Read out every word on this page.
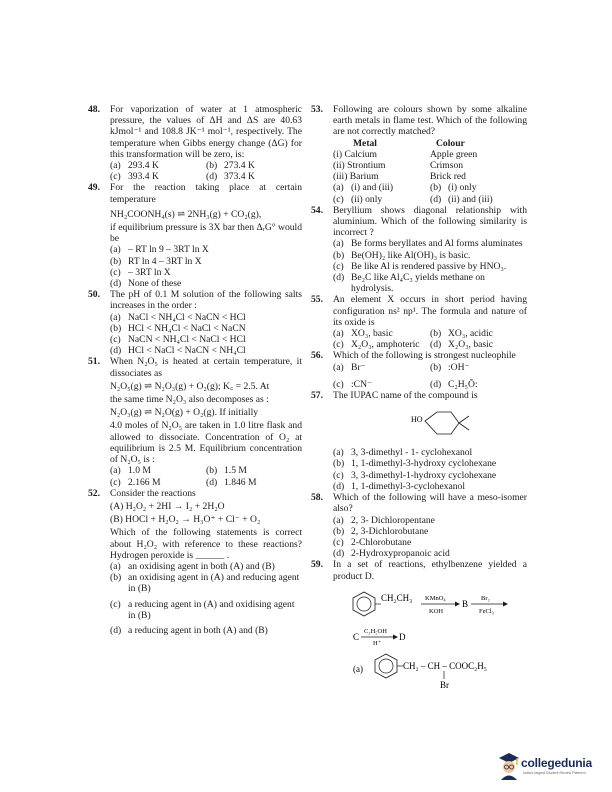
48. For vaporization of water at 1 atmospheric pressure, the values of ΔH and ΔS are 40.63 kJmol⁻¹ and 108.8 JK⁻¹ mol⁻¹, respectively. The temperature when Gibbs energy change (ΔG) for this transformation will be zero, is:
(a) 293.4 K	(b) 273.4 K
(c) 393.4 K	(d) 373.4 K
49. For the reaction taking place at certain temperature
NH₂COONH₄(s) ⇌ 2NH₃(g) + CO₂(g),
if equilibrium pressure is 3X bar then ΔᵣG° would be
(a) – RT ln 9 – 3RT ln X
(b) RT ln 4 – 3RT ln X
(c) – 3RT ln X
(d) None of these
50. The pH of 0.1 M solution of the following salts increases in the order :
(a) NaCl < NH₄Cl < NaCN < HCl
(b) HCl < NH₄Cl < NaCl < NaCN
(c) NaCN < NH₄Cl < NaCl < HCl
(d) HCl < NaCl < NaCN < NH₄Cl
51. When N₂O₅ is heated at certain temperature, it dissociates as
N₂O₅(g) ⇌ N₂O₃(g) + O₂(g); K꜀ = 2.5. At
the same time N₂O₃ also decomposes as :
N₂O₃(g) ⇌ N₂O(g) + O₂(g). If initially
4.0 moles of N₂O₅ are taken in 1.0 litre flask and allowed to dissociate. Concentration of O₂ at equilibrium is 2.5 M. Equilibrium concentration of N₂O₅ is :
(a) 1.0 M	(b) 1.5 M
(c) 2.166 M	(d) 1.846 M
52. Consider the reactions
(A) H₂O₂ + 2HI → I₂ + 2H₂O
(B) HOCl + H₂O₂ → H₃O⁺ + Cl⁻ + O₂
Which of the following statements is correct about H₂O₂ with reference to these reactions? Hydrogen peroxide is ______ .
(a) an oxidising agent in both (A) and (B)
(b) an oxidising agent in (A) and reducing agent in (B)
(c) a reducing agent in (A) and oxidising agent in (B)
(d) a reducing agent in both (A) and (B)
53. Following are colours shown by some alkaline earth metals in flame test. Which of the following are not correctly matched?
Metal	Colour
(i) Calcium	Apple green
(ii) Strontium	Crimson
(iii) Barium	Brick red
(a) (i) and (iii)	(b) (i) only
(c) (ii) only	(d) (ii) and (iii)
54. Beryllium shows diagonal relationship with aluminium. Which of the following similarity is incorrect ?
(a) Be forms beryllates and Al forms aluminates
(b) Be(OH)₂ like Al(OH)₃ is basic.
(c) Be like Al is rendered passive by HNO₃.
(d) Be₂C like Al₄C₃ yields methane on hydrolysis.
55. An element X occurs in short period having configuration ns² np¹. The formula and nature of its oxide is
(a) XO₃, basic	(b) XO₃, acidic
(c) X₂O₃, amphoteric	(d) X₂O₃, basic
56. Which of the following is strongest nucleophile
(a) Br⁻	(b) :OH⁻
(c) :CN⁻	(d) C₂H₅Ō:
57. The IUPAC name of the compound is
HO
(a) 3, 3-dimethyl - 1- cyclohexanol
(b) 1, 1-dimethyl-3-hydroxy cyclohexane
(c) 3, 3-dimethyl-1-hydroxy cyclohexane
(d) 1, 1-dimethyl-3-cyclohexanol
58. Which of the following will have a meso-isomer also?
(a) 2, 3- Dichloropentane
(b) 2, 3-Dichlorobutane
(c) 2-Chlorobutane
(d) 2-Hydroxypropanoic acid
59. In a set of reactions, ethylbenzene yielded a product D.
CH₂CH₃ KMnO₄
KOH
B
Br₂
FeCl₃
C
C₂H₅OH
H⁺
D
(a)	CH₂ – CH – COOC₂H₅
Br
collegedunia
India's largest Student Review Platform
